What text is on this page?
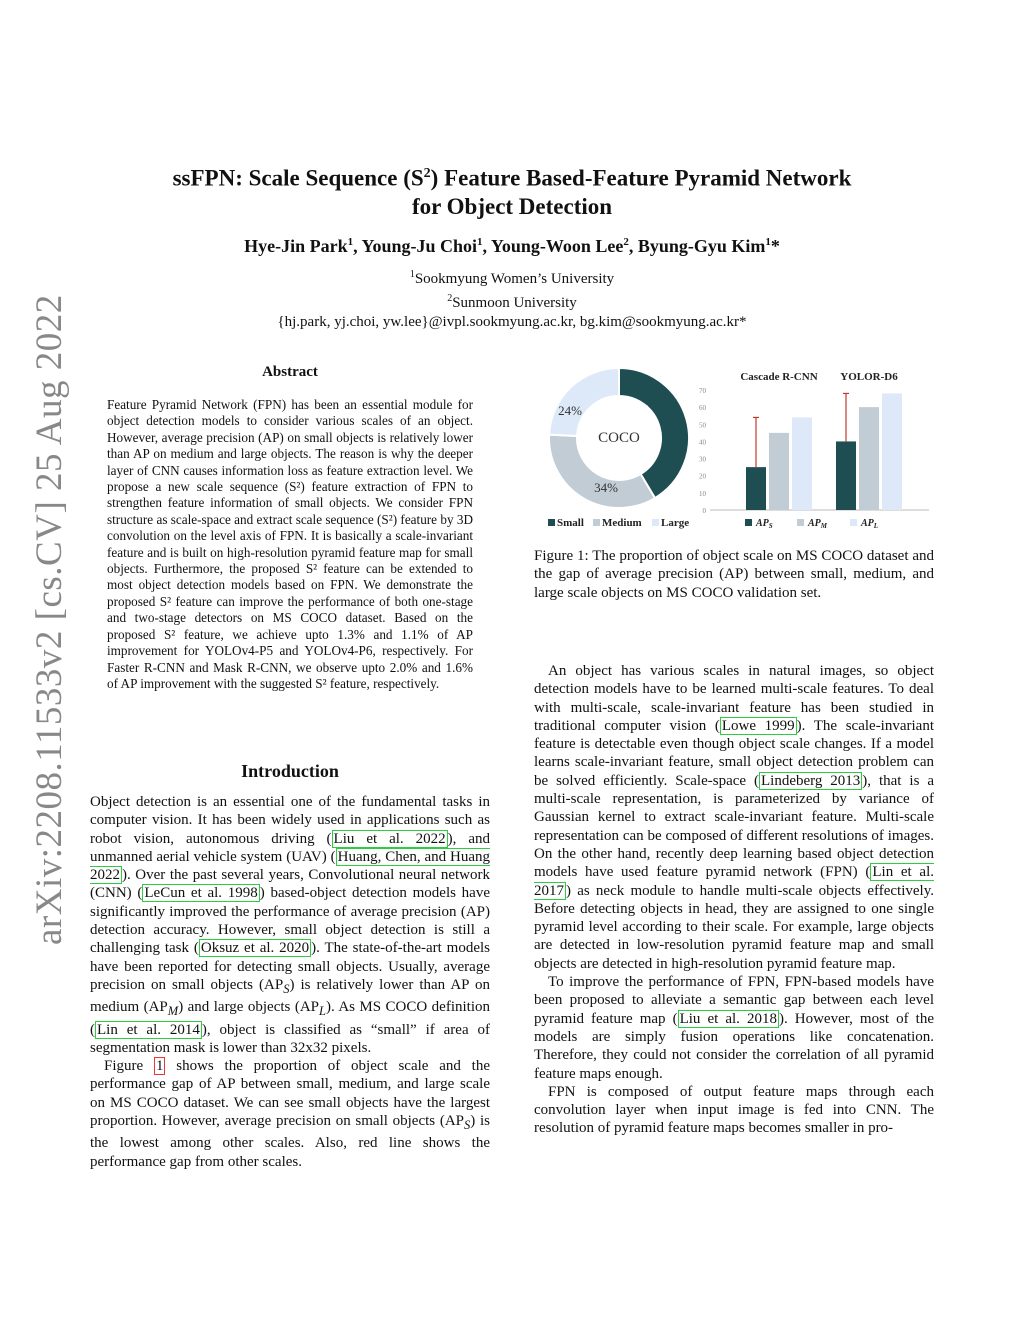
arXiv:2208.11533v2 [cs.CV] 25 Aug 2022
ssFPN: Scale Sequence $(S^2)$ Feature Based-Feature Pyramid Network
for Object Detection
Hye-Jin Park$^1$, Young-Ju Choi$^1$, Young-Woon Lee$^2$, Byung-Gyu Kim$^1$*
$^1$Sookmyung Women’s University
$^2$Sunmoon University
{hj.park, yj.choi, yw.lee}@ivpl.sookmyung.ac.kr, bg.kim@sookmyung.ac.kr*
Abstract
Feature Pyramid Network (FPN) has been an essential module for object detection models to consider various scales of an object. However, average precision (AP) on small objects is relatively lower than AP on medium and large objects. The reason is why the deeper layer of CNN causes information loss as feature extraction level. We propose a new scale sequence (S²) feature extraction of FPN to strengthen feature information of small objects. We consider FPN structure as scale-space and extract scale sequence (S²) feature by 3D convolution on the level axis of FPN. It is basically a scale-invariant feature and is built on high-resolution pyramid feature map for small objects. Furthermore, the proposed S² feature can be extended to most object detection models based on FPN. We demonstrate the proposed S² feature can improve the performance of both one-stage and two-stage detectors on MS COCO dataset. Based on the proposed S² feature, we achieve upto 1.3% and 1.1% of AP improvement for YOLOv4-P5 and YOLOv4-P6, respectively. For Faster R-CNN and Mask R-CNN, we observe upto 2.0% and 1.6% of AP improvement with the suggested S² feature, respectively.
Introduction

Object detection is an essential one of the fundamental tasks in computer vision. It has been widely used in applications such as robot vision, autonomous driving ( Liu et al. 2022 ), and unmanned aerial vehicle system (UAV) ( Huang, Chen, and Huang 2022 ). Over the past several years, Convolutional neural network (CNN) ( LeCun et al. 1998 ) based-object detection models have significantly improved the performance of average precision (AP) detection accuracy. However, small object detection is still a challenging task ( Oksuz et al. 2020 ). The state-of-the-art models have been reported for detecting small objects. Usually, average precision on small objects $(AP_S)$ is relatively lower than AP on medium $(AP_M)$ and large objects $(AP_L)$. As MS COCO definition ( Lin et al. 2014 ), object is classified as “small” if area of segmentation mask is lower than 32x32 pixels.

Figure 1 shows the proportion of object scale and the performance gap of AP between small, medium, and large scale on MS COCO dataset. We can see small objects have the largest proportion. However, average precision on small objects $(AP_S)$ is the lowest among other scales. Also, red line shows the performance gap from other scales.

COCO
24%	41%
34%
Small Medium Large
0
10
20
30
40
50
60
70
Cascade R-CNN YOLOR-D6
$AP_S$	$AP_M$	$AP_L$
Figure 1: The proportion of object scale on MS COCO dataset and the gap of average precision (AP) between small, medium, and large scale objects on MS COCO validation set.

An object has various scales in natural images, so object detection models have to be learned multi-scale features. To deal with multi-scale, scale-invariant feature has been studied in traditional computer vision ( Lowe 1999 ). The scale-invariant feature is detectable even though object scale changes. If a model learns scale-invariant feature, small object detection problem can be solved efficiently. Scale-space ( Lindeberg 2013 ), that is a multi-scale representation, is parameterized by variance of Gaussian kernel to extract scale-invariant feature. Multi-scale representation can be composed of different resolutions of images. On the other hand, recently deep learning based object detection models have used feature pyramid network (FPN) ( Lin et al. 2017 ) as neck module to handle multi-scale objects effectively. Before detecting objects in head, they are assigned to one single pyramid level according to their scale. For example, large objects are detected in low-resolution pyramid feature map and small objects are detected in high-resolution pyramid feature map.

To improve the performance of FPN, FPN-based models have been proposed to alleviate a semantic gap between each level pyramid feature map ( Liu et al. 2018 ). However, most of the models are simply fusion operations like concatenation. Therefore, they could not consider the correlation of all pyramid feature maps enough.

FPN is composed of output feature maps through each convolution layer when input image is fed into CNN. The resolution of pyramid feature maps becomes smaller in pro-
